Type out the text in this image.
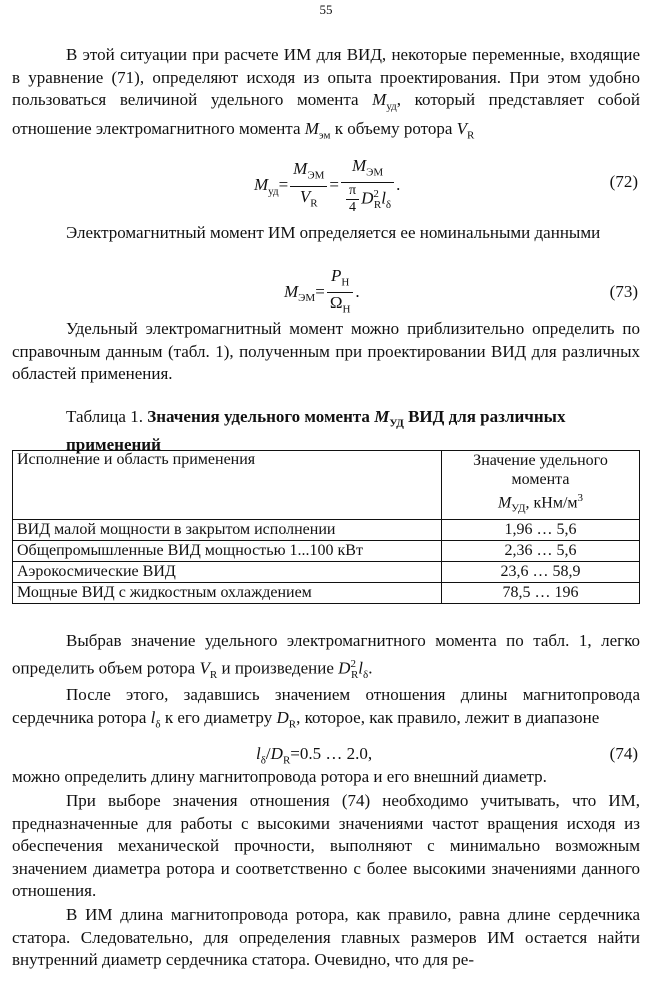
55

В этой ситуации при расчете ИМ для ВИД, некоторые переменные, входящие в уравнение (71), определяют исходя из опыта проектирования. При этом удобно пользоваться величиной удельного момента $M_{уд}$, который представляет собой отношение электромагнитного момента $M_{эм}$ к объему ротора $V_R$

$M_{уд}= \frac{M_{ЭМ}}{V_R} = \frac{M_{ЭМ}}{\frac{\pi}{4} D^2_Rl_\delta}$ .	(72)

Электромагнитный момент ИМ определяется ее номинальными данными

$M_{ЭМ}= \frac{P_Н}{\Omega_Н}$ .	(73)

Удельный электромагнитный момент можно приблизительно определить по справочным данным (табл. 1), полученным при проектировании ВИД для различных областей применения.

Таблица 1. Значения удельного момента $M_{УД}$ ВИД для различных применений
Исполнение и область применения	Значение удельного
момента
$M_{УД}$, кНм/$м^3$

ВИД малой мощности в закрытом исполнении	1,96 … 5,6
Общепромышленные ВИД мощностью 1...100 кВт	2,36 … 5,6
Аэрокосмические ВИД	23,6 … 58,9
Мощные ВИД с жидкостным охлаждением	78,5 … 196

Выбрав значение удельного электромагнитного момента по табл. 1, легко определить объем ротора $V_R$ и произведение $D^2_Rl_\delta$.

После этого, задавшись значением отношения длины магнитопровода сердечника ротора $l_\delta$ к его диаметру $D_R$, которое, как правило, лежит в диапазоне

$l_\delta/D_R=0.5$ … 2.0,	(74)

можно определить длину магнитопровода ротора и его внешний диаметр.

При выборе значения отношения (74) необходимо учитывать, что ИМ, предназначенные для работы с высокими значениями частот вращения исходя из обеспечения механической прочности, выполняют с минимально возможным значением диаметра ротора и соответственно с более высокими значениями данного отношения.

В ИМ длина магнитопровода ротора, как правило, равна длине сердечника статора. Следовательно, для определения главных размеров ИМ остается найти внутренний диаметр сердечника статора. Очевидно, что для ре-
